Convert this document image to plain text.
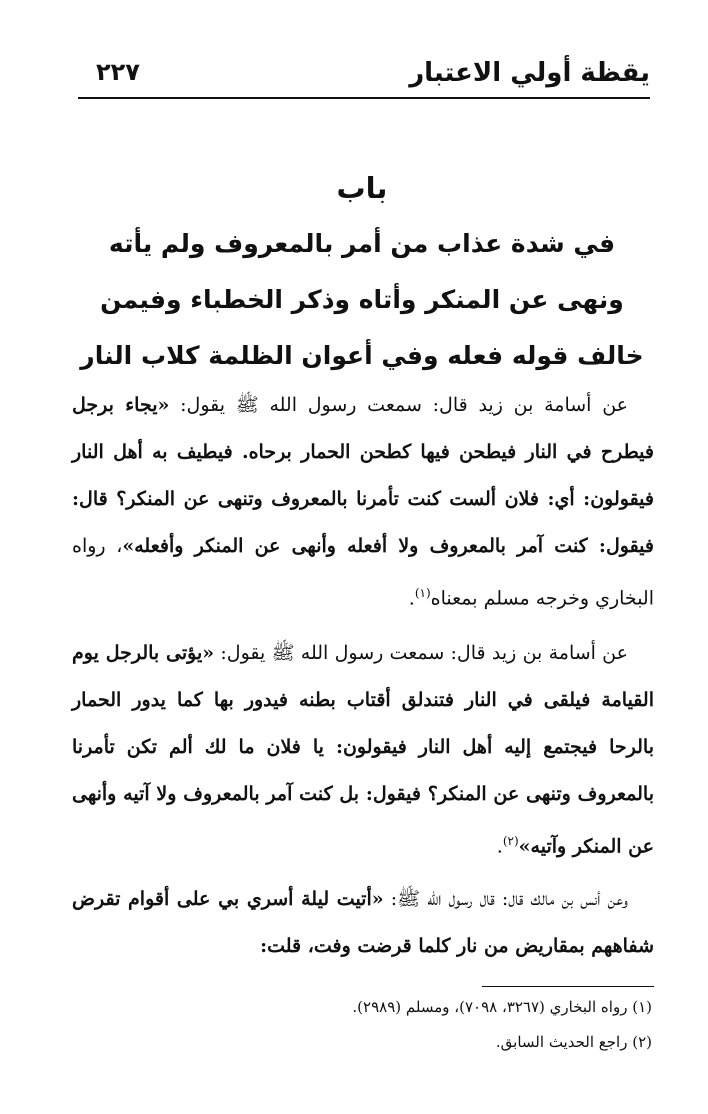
يقظة أولي الاعتبار
٢٢٧
باب
في شدة عذاب من أمر بالمعروف ولم يأته
ونهى عن المنكر وأتاه وذكر الخطباء وفيمن
خالف قوله فعله وفي أعوان الظلمة كلاب النار

عن أسامة بن زيد قال: سمعت رسول الله ﷺ يقول: «يجاء برجل فيطرح في النار فيطحن فيها كطحن الحمار برحاه. فيطيف به أهل النار فيقولون: أي: فلان ألست كنت تأمرنا بالمعروف وتنهى عن المنكر؟ قال: فيقول: كنت آمر بالمعروف ولا أفعله وأنهى عن المنكر وأفعله»، رواه البخاري وخرجه مسلم بمعناه$^{(١)}$.

عن أسامة بن زيد قال: سمعت رسول الله ﷺ يقول: «يؤتى بالرجل يوم القيامة فيلقى في النار فتندلق أقتاب بطنه فيدور بها كما يدور الحمار بالرحا فيجتمع إليه أهل النار فيقولون: يا فلان ما لك ألم تكن تأمرنا بالمعروف وتنهى عن المنكر؟ فيقول: بل كنت آمر بالمعروف ولا آتيه وأنهى عن المنكر وآتيه»$^{(٢)}$.

وعن أنس بن مالك قال: قال رسول الله ﷺ: «أتيت ليلة أسري بي على أقوام تقرض شفاههم بمقاريض من نار كلما قرضت وفت، قلت:

(١) رواه البخاري (٣٢٦٧، ٧٠٩٨)، ومسلم (٢٩٨٩).

(٢) راجع الحديث السابق.
